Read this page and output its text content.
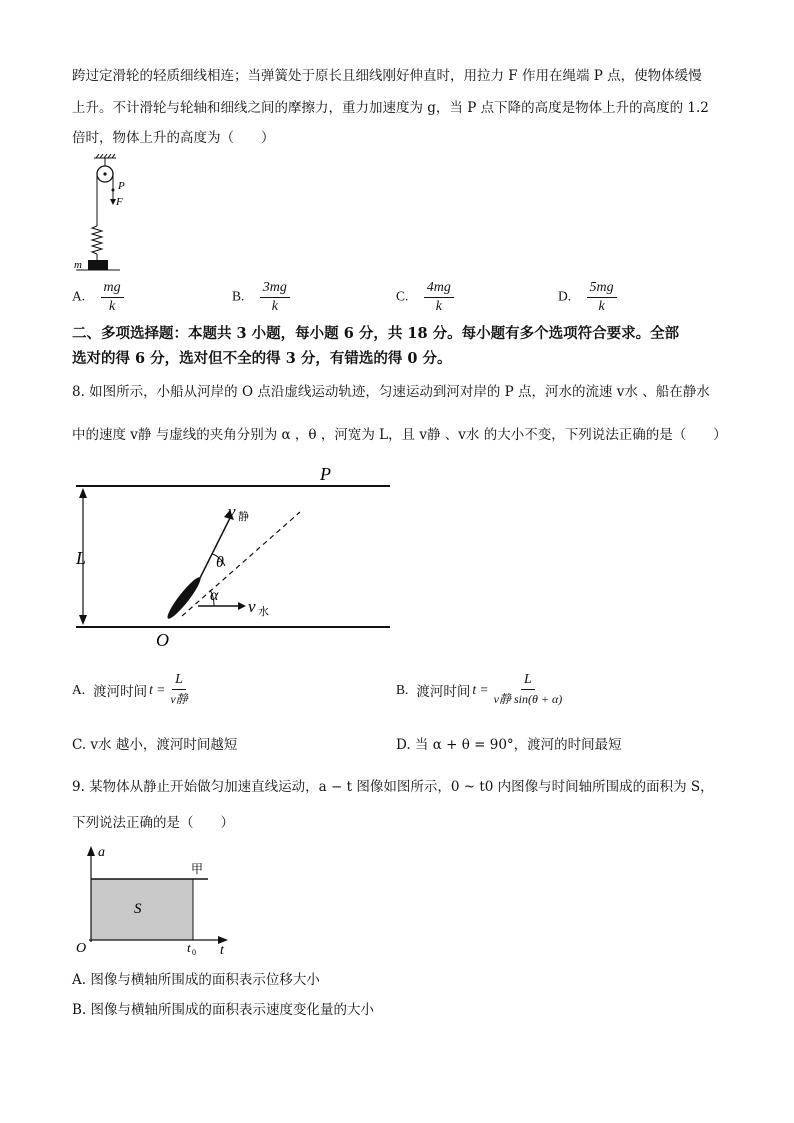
跨过定滑轮的轻质细线相连；当弹簧处于原长且细线刚好伸直时，用拉力 F 作用在绳端 P 点，使物体缓慢
上升。不计滑轮与轮轴和细线之间的摩擦力，重力加速度为 g，当 P 点下降的高度是物体上升的高度的 1.2
倍时，物体上升的高度为（　　）
P
F
m
A. $\frac{mg}{k}$	B. $\frac{3mg}{k}$	C. $\frac{4mg}{k}$	D. $\frac{5mg}{k}$
二、多项选择题：本题共 3 小题，每小题 6 分，共 18 分。每小题有多个选项符合要求。全部
选对的得 6 分，选对但不全的得 3 分，有错选的得 0 分。
8. 如图所示，小船从河岸的 O 点沿虚线运动轨迹，匀速运动到河对岸的 P 点，河水的流速 v水 、船在静水
中的速度 v静 与虚线的夹角分别为 α ，θ ，河宽为 L，且 v静 、v水 的大小不变，下列说法正确的是（　　）
P
L
v 静
v 水
θ
α
O
A. 渡河时间 $t = \frac{L}{\text{v静}}$	B. 渡河时间 $t = \frac{L}{\text{v静 sin(θ + α)}}$
C. v水 越小，渡河时间越短	D. 当 α + θ = 90°，渡河的时间最短
9. 某物体从静止开始做匀加速直线运动，a − t 图像如图所示，0 ~ t0 内图像与时间轴所围成的面积为 S，
下列说法正确的是（　　）
a
t
O
S
甲
t 0
A. 图像与横轴所围成的面积表示位移大小
B. 图像与横轴所围成的面积表示速度变化量的大小
